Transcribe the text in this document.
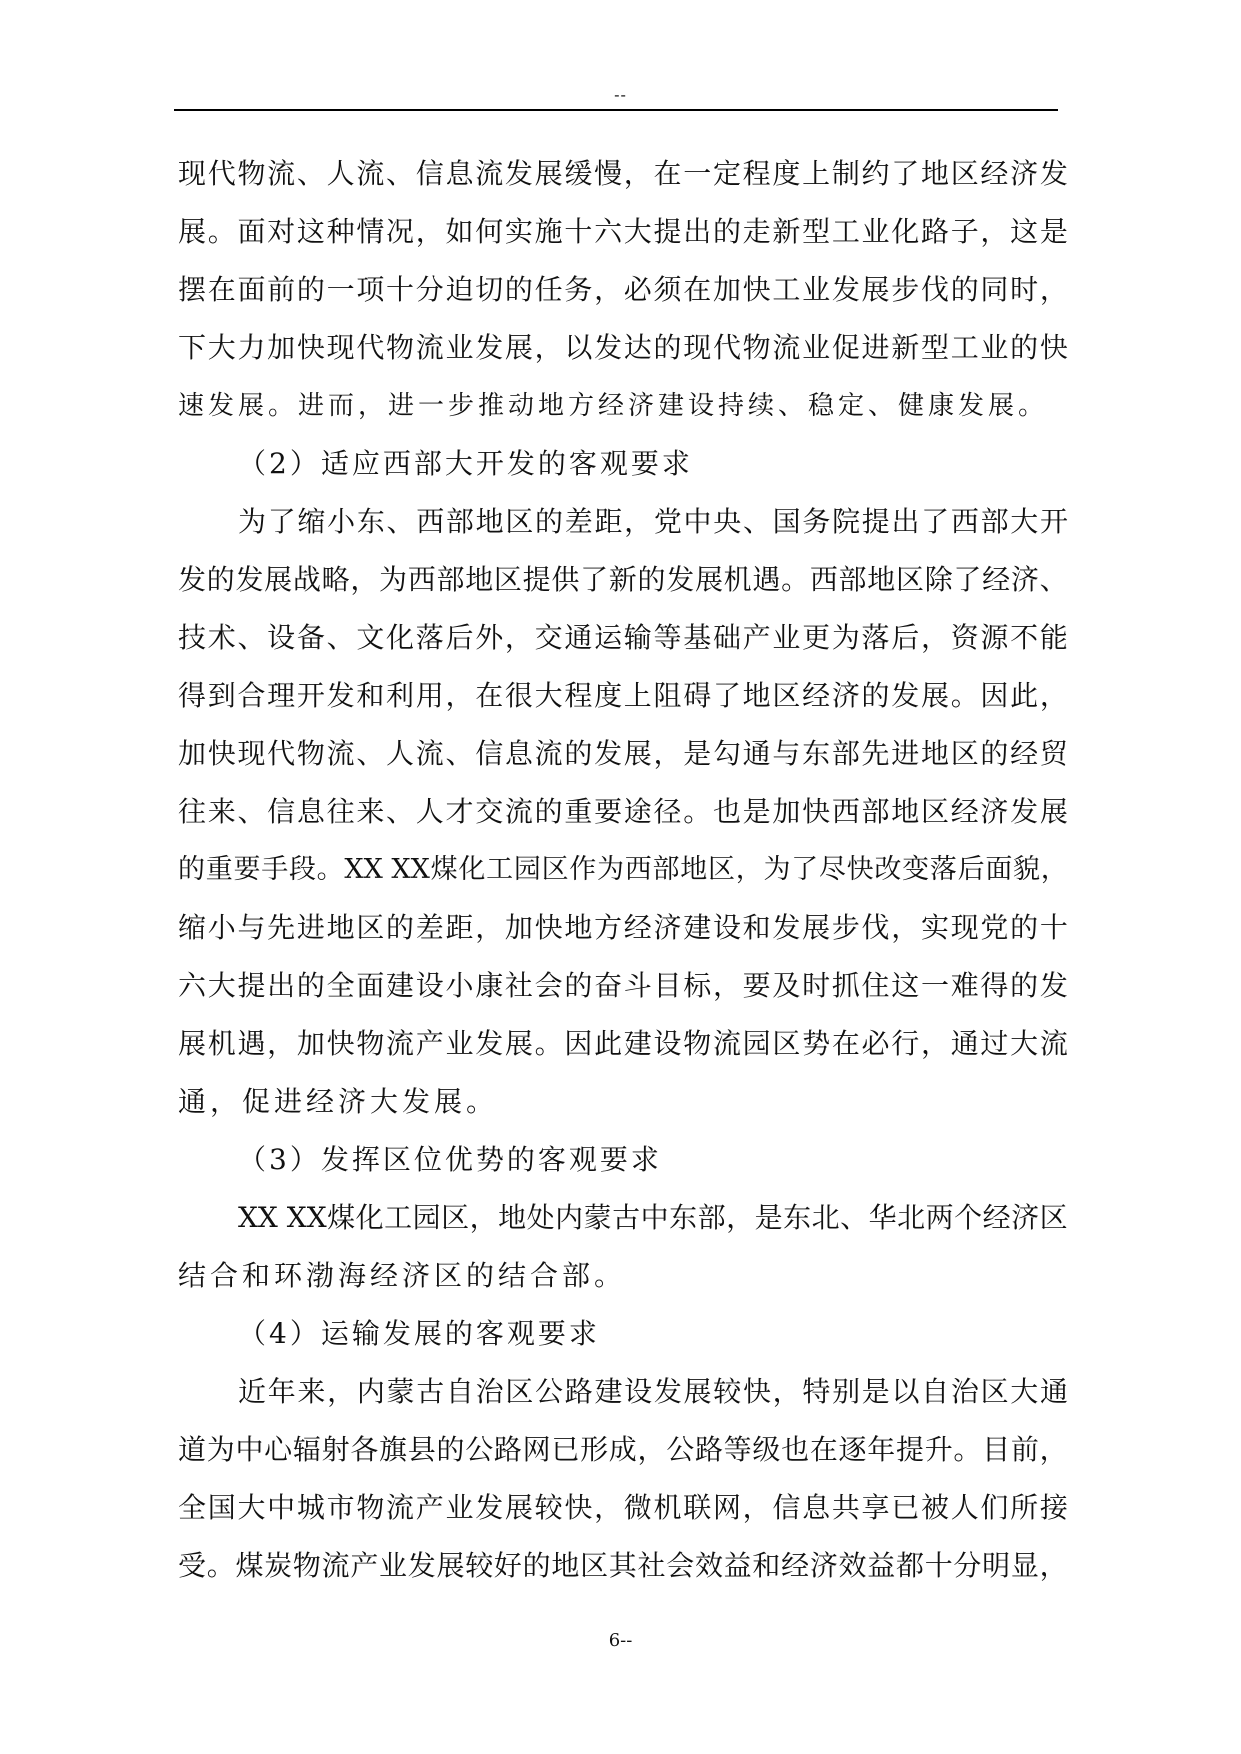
--
现 代 物 流 、 人 流 、 信 息 流 发 展 缓 慢 ， 在 一 定 程 度 上 制 约 了 地 区 经 济 发
展 。 面 对 这 种 情 况 ， 如 何 实 施 十 六 大 提 出 的 走 新 型 工 业 化 路 子 ， 这 是
摆 在 面 前 的 一 项 十 分 迫 切 的 任 务 ， 必 须 在 加 快 工 业 发 展 步 伐 的 同 时 ，
下 大 力 加 快 现 代 物 流 业 发 展 ， 以 发 达 的 现 代 物 流 业 促 进 新 型 工 业 的 快
速发展。进而，进一步推动地方经济建设持续、稳定、健康发展。
（2）适应西部大开发的客观要求
为 了 缩 小 东 、 西 部 地 区 的 差 距 ， 党 中 央 、 国 务 院 提 出 了 西 部 大 开
发 的 发 展 战 略 ， 为 西 部 地 区 提 供 了 新 的 发 展 机 遇 。 西 部 地 区 除 了 经 济 、
技 术 、 设 备 、 文 化 落 后 外 ， 交 通 运 输 等 基 础 产 业 更 为 落 后 ， 资 源 不 能
得 到 合 理 开 发 和 利 用 ， 在 很 大 程 度 上 阻 碍 了 地 区 经 济 的 发 展 。 因 此 ，
加 快 现 代 物 流 、 人 流 、 信 息 流 的 发 展 ， 是 勾 通 与 东 部 先 进 地 区 的 经 贸
往 来 、 信 息 往 来 、 人 才 交 流 的 重 要 途 径 。 也 是 加 快 西 部 地 区 经 济 发 展
的 重 要 手 段 。 XX XX 煤 化 工 园 区 作 为 西 部 地 区 ， 为 了 尽 快 改 变 落 后 面 貌 ，
缩 小 与 先 进 地 区 的 差 距 ， 加 快 地 方 经 济 建 设 和 发 展 步 伐 ， 实 现 党 的 十
六 大 提 出 的 全 面 建 设 小 康 社 会 的 奋 斗 目 标 ， 要 及 时 抓 住 这 一 难 得 的 发
展 机 遇 ， 加 快 物 流 产 业 发 展 。 因 此 建 设 物 流 园 区 势 在 必 行 ， 通 过 大 流
通，促进经济大发展。
（3）发挥区位优势的客观要求
XX XX 煤 化 工 园 区 ， 地 处 内 蒙 古 中 东 部 ， 是 东 北 、 华 北 两 个 经 济 区
结合和环渤海经济区的结合部。
（4）运输发展的客观要求
近 年 来 ， 内 蒙 古 自 治 区 公 路 建 设 发 展 较 快 ， 特 别 是 以 自 治 区 大 通
道 为 中 心 辐 射 各 旗 县 的 公 路 网 已 形 成 ， 公 路 等 级 也 在 逐 年 提 升 。 目 前 ，
全 国 大 中 城 市 物 流 产 业 发 展 较 快 ， 微 机 联 网 ， 信 息 共 享 已 被 人 们 所 接
受 。 煤 炭 物 流 产 业 发 展 较 好 的 地 区 其 社 会 效 益 和 经 济 效 益 都 十 分 明 显 ，
6--
